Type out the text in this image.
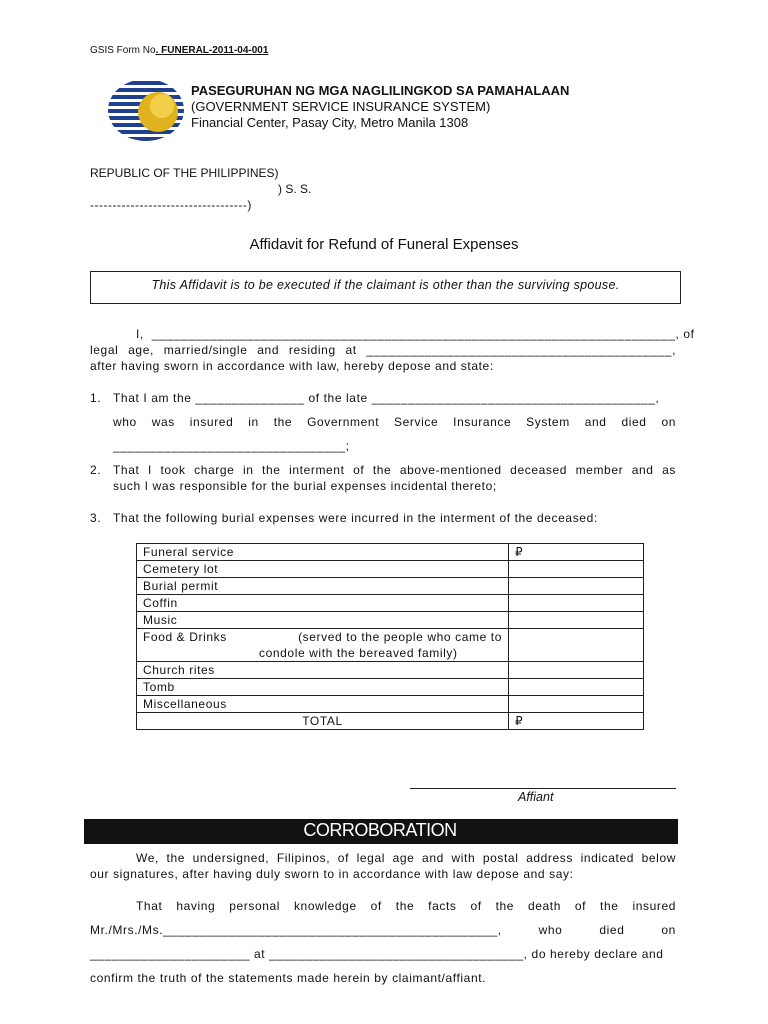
GSIS Form No. FUNERAL-2011-04-001
PASEGURUHAN NG MGA NAGLILINGKOD SA PAMAHALAAN
(GOVERNMENT SERVICE INSURANCE SYSTEM)
Financial Center, Pasay City, Metro Manila 1308
REPUBLIC OF THE PHILIPPINES)
) S. S.
-----------------------------------)
Affidavit for Refund of Funeral Expenses
This Affidavit is to be executed if the claimant is other than the surviving spouse.
I, ________________________________________________________________________, of
legal age, married/single and residing at __________________________________________,
after having sworn in accordance with law, hereby depose and state:
1. That I am the _______________ of the late _______________________________________,
who was insured in the Government Service Insurance System and died on
________________________________;
2. That I took charge in the interment of the above-mentioned deceased member and as
such I was responsible for the burial expenses incidental thereto;
3. That the following burial expenses were incurred in the interment of the deceased:
Funeral service	₽
Cemetery lot	
Burial permit	
Coffin	
Music	

Food & Drinks (served to the people who came to
condole with the bereaved family)	

Church rites	
Tomb	
Miscellaneous	
TOTAL	₽
Affiant
CORROBORATION
We, the undersigned, Filipinos, of legal age and with postal address indicated below
our signatures, after having duly sworn to in accordance with law depose and say:
That having personal knowledge of the facts of the death of the insured
Mr./Mrs./Ms.______________________________________________,	who	died	on
______________________ at ___________________________________, do hereby declare and
confirm the truth of the statements made herein by claimant/affiant.
